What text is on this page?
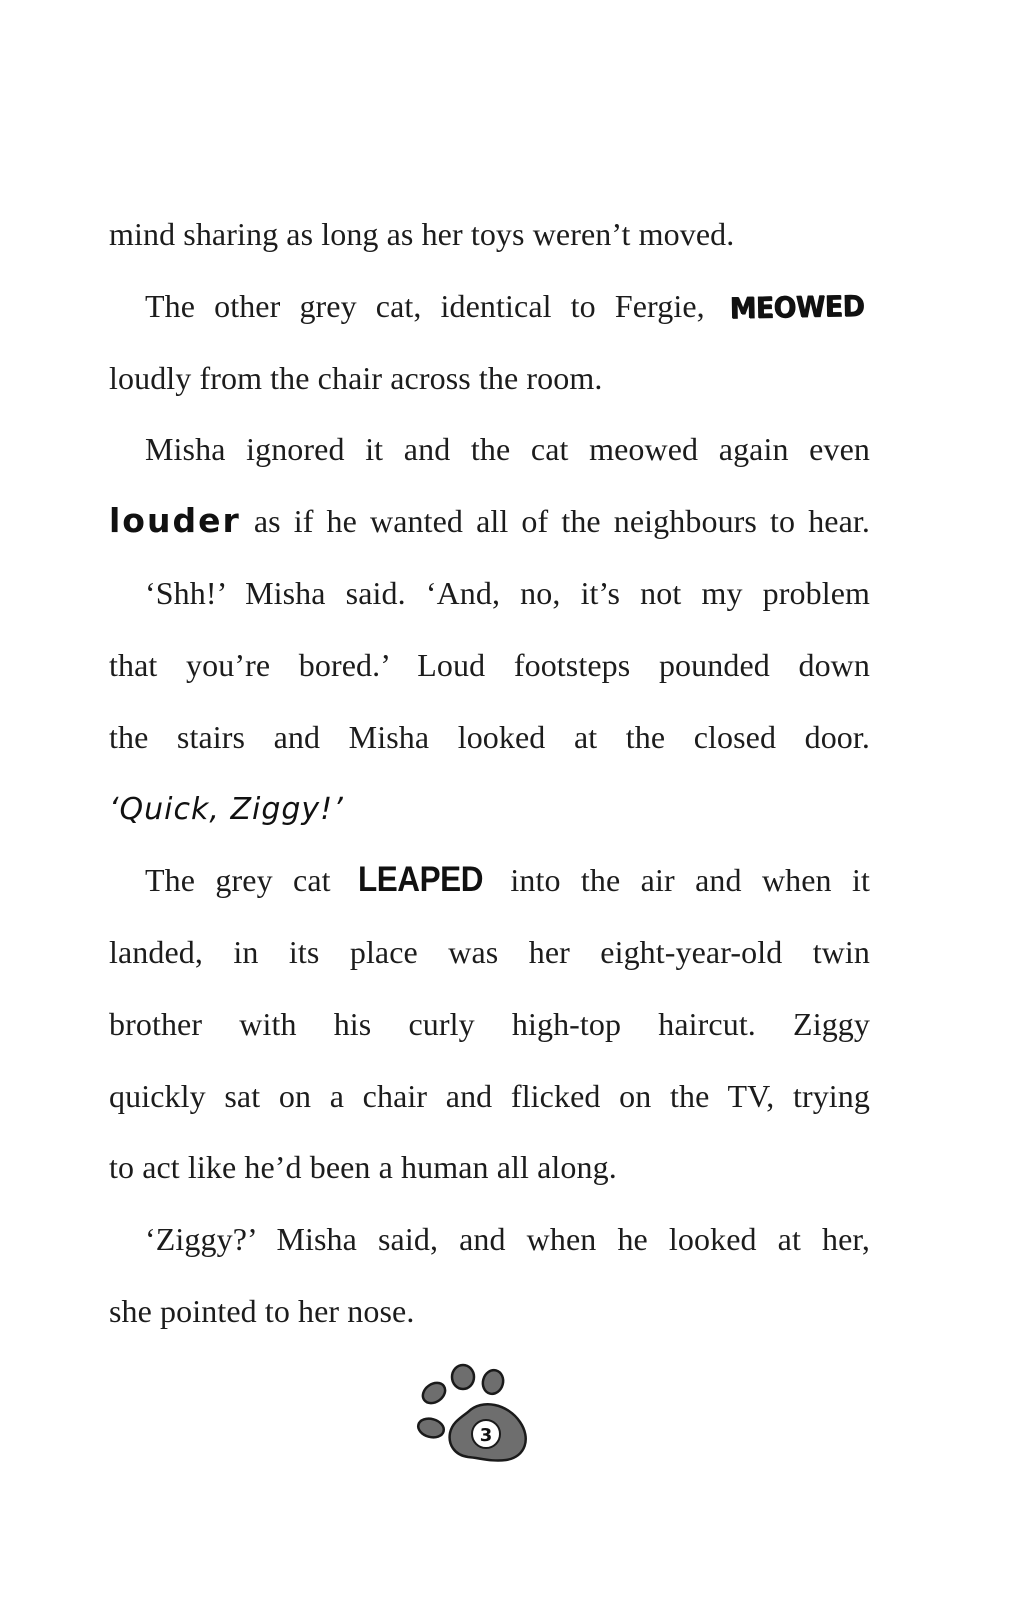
mind sharing as long as her toys weren’t moved.
The other grey cat, identical to Fergie, MEOWED
loudly from the chair across the room.
Misha ignored it and the cat meowed again even
louder as if he wanted all of the neighbours to hear.
‘Shh!’ Misha said. ‘And, no, it’s not my problem
that you’re bored.’ Loud footsteps pounded down
the stairs and Misha looked at the closed door.
‘Quick, Ziggy!’
The grey cat LEAPED into the air and when it
landed, in its place was her eight-year-old twin
brother with his curly high-top haircut. Ziggy
quickly sat on a chair and flicked on the TV, trying
to act like he’d been a human all along.
‘Ziggy?’ Misha said, and when he looked at her,
she pointed to her nose.
3
